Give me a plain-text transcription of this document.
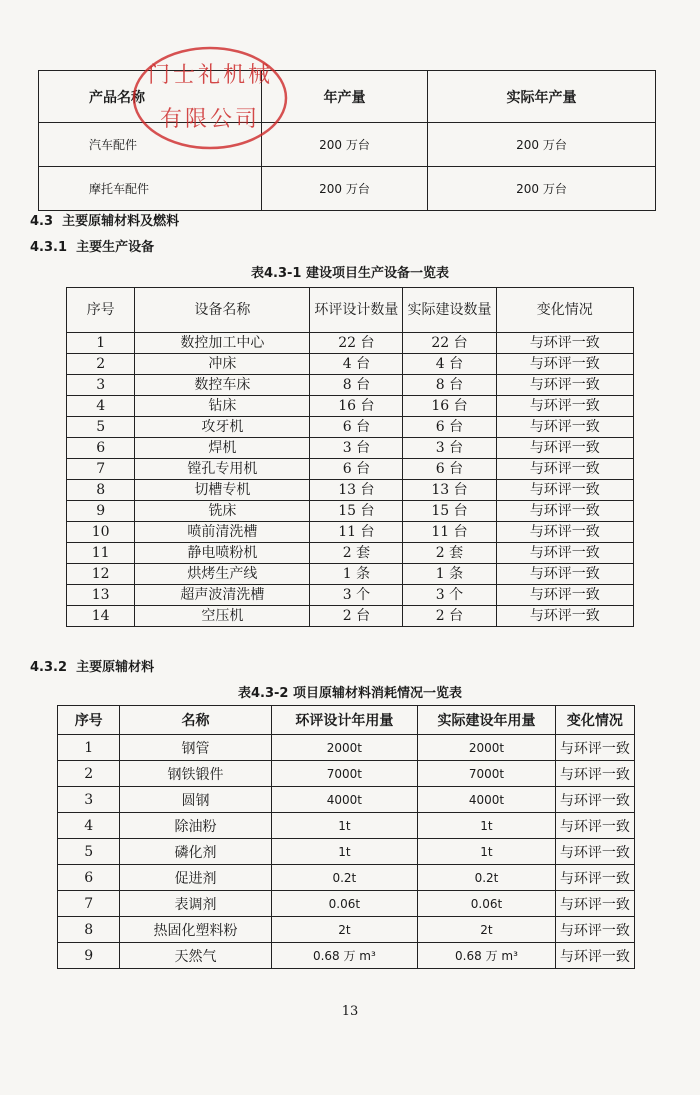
产品名称	年产量	实际年产量
汽车配件	200 万台	200 万台
摩托车配件	200 万台	200 万台
门士礼机械
有限公司
4.3 主要原辅材料及燃料
4.3.1 主要生产设备
表4.3-1 建设项目生产设备一览表
序号	设备名称	环评设计数量	实际建设数量	变化情况
1	数控加工中心	22 台	22 台	与环评一致
2	冲床	4 台	4 台	与环评一致
3	数控车床	8 台	8 台	与环评一致
4	钻床	16 台	16 台	与环评一致
5	攻牙机	6 台	6 台	与环评一致
6	焊机	3 台	3 台	与环评一致
7	镗孔专用机	6 台	6 台	与环评一致
8	切槽专机	13 台	13 台	与环评一致
9	铣床	15 台	15 台	与环评一致
10	喷前清洗槽	11 台	11 台	与环评一致
11	静电喷粉机	2 套	2 套	与环评一致
12	烘烤生产线	1 条	1 条	与环评一致
13	超声波清洗槽	3 个	3 个	与环评一致
14	空压机	2 台	2 台	与环评一致
4.3.2 主要原辅材料
表4.3-2 项目原辅材料消耗情况一览表
序号	名称	环评设计年用量	实际建设年用量	变化情况
1	钢管	2000t	2000t	与环评一致
2	钢铁锻件	7000t	7000t	与环评一致
3	圆钢	4000t	4000t	与环评一致
4	除油粉	1t	1t	与环评一致
5	磷化剂	1t	1t	与环评一致
6	促进剂	0.2t	0.2t	与环评一致
7	表调剂	0.06t	0.06t	与环评一致
8	热固化塑料粉	2t	2t	与环评一致
9	天然气	0.68 万 m³	0.68 万 m³	与环评一致
13
